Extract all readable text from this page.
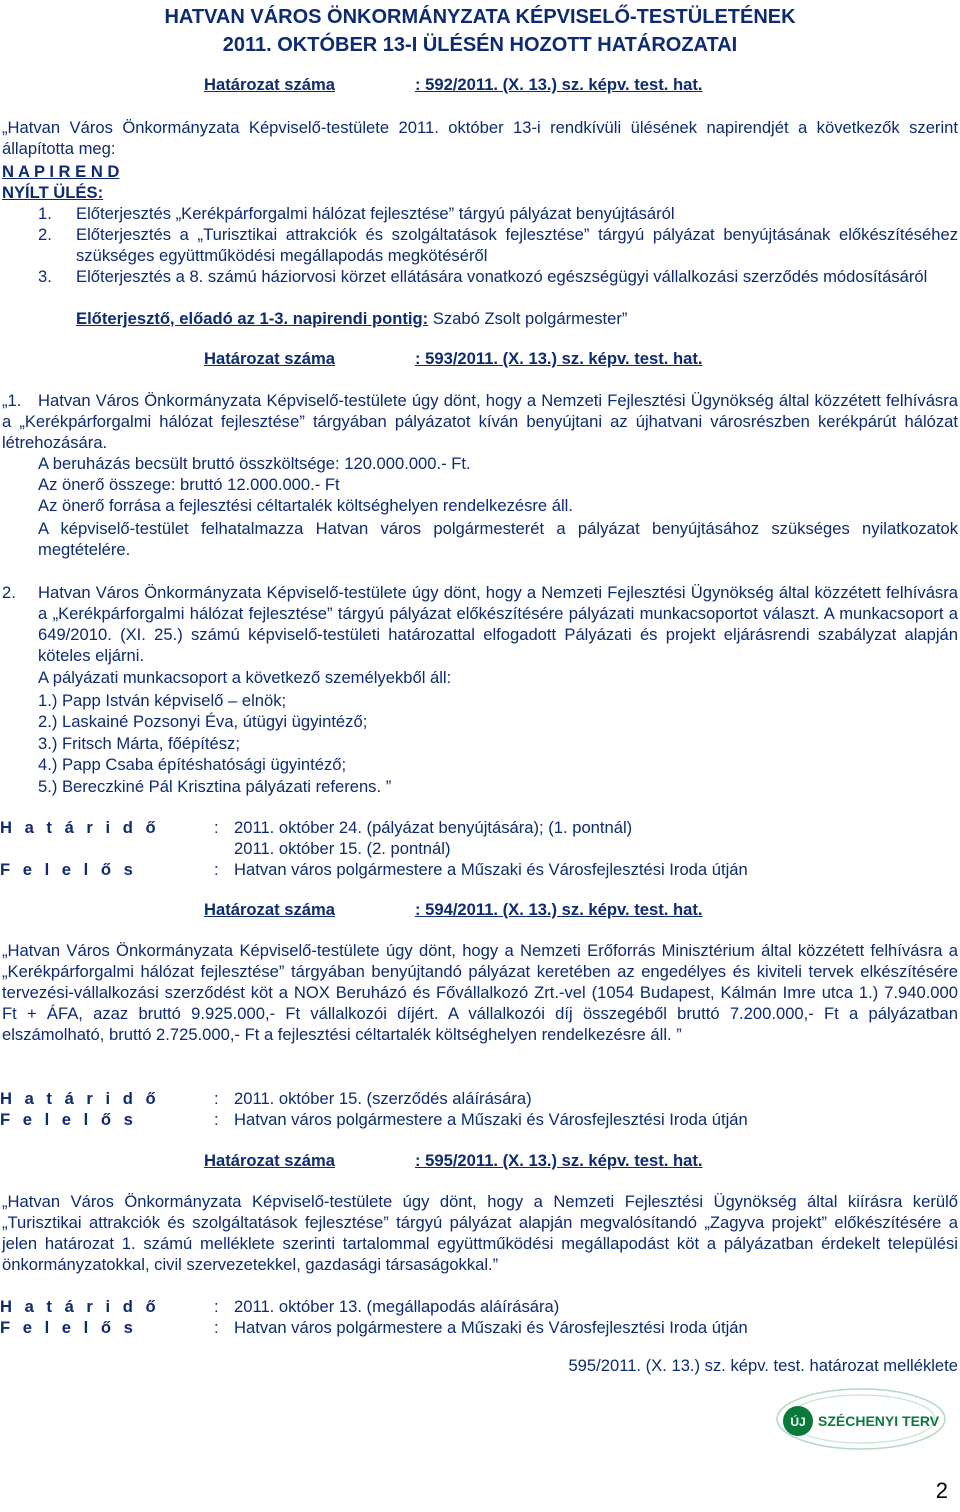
HATVAN VÁROS ÖNKORMÁNYZATA KÉPVISELŐ-TESTÜLETÉNEK
2011. OKTÓBER 13-I ÜLÉSÉN HOZOTT HATÁROZATAI
Határozat száma	: 592/2011. (X. 13.) sz. képv. test. hat.
„Hatvan Város Önkormányzata Képviselő-testülete 2011. október 13-i rendkívüli ülésének napirendjét a következők szerint állapította meg:
N A P I R E N D
NYÍLT ÜLÉS:
1. Előterjesztés „Kerékpárforgalmi hálózat fejlesztése” tárgyú pályázat benyújtásáról
2. Előterjesztés a „Turisztikai attrakciók és szolgáltatások fejlesztése” tárgyú pályázat benyújtásának előkészítéséhez szükséges együttműködési megállapodás megkötéséről
3. Előterjesztés a 8. számú háziorvosi körzet ellátására vonatkozó egészségügyi vállalkozási szerződés módosításáról
Előterjesztő, előadó az 1-3. napirendi pontig: Szabó Zsolt polgármester”
Határozat száma	: 593/2011. (X. 13.) sz. képv. test. hat.
„1.	Hatvan Város Önkormányzata Képviselő-testülete úgy dönt, hogy a Nemzeti Fejlesztési Ügynökség által közzétett felhívásra a „Kerékpárforgalmi hálózat fejlesztése” tárgyában pályázatot kíván benyújtani az újhatvani városrészben kerékpárút hálózat létrehozására.
A beruházás becsült bruttó összköltsége: 120.000.000.- Ft.
Az önerő összege: bruttó 12.000.000.- Ft
Az önerő forrása a fejlesztési céltartalék költséghelyen rendelkezésre áll.
A képviselő-testület felhatalmazza Hatvan város polgármesterét a pályázat benyújtásához szükséges nyilatkozatok megtételére.
2. Hatvan Város Önkormányzata Képviselő-testülete úgy dönt, hogy a Nemzeti Fejlesztési Ügynökség által közzétett felhívásra a „Kerékpárforgalmi hálózat fejlesztése” tárgyú pályázat előkészítésére pályázati munkacsoportot választ. A munkacsoport a 649/2010. (XI. 25.) számú képviselő-testületi határozattal elfogadott Pályázati és projekt eljárásrendi szabályzat alapján köteles eljárni.
A pályázati munkacsoport a következő személyekből áll:
1.) Papp István képviselő – elnök;
2.) Laskainé Pozsonyi Éva, útügyi ügyintéző;
3.) Fritsch Márta, főépítész;
4.) Papp Csaba építéshatósági ügyintéző;
5.) Bereczkiné Pál Krisztina pályázati referens. ”
H a t á r i d ő	: 2011. október 24. (pályázat benyújtására); (1. pontnál)
2011. október 15. (2. pontnál)
F e l e l ő s	: Hatvan város polgármestere a Műszaki és Városfejlesztési Iroda útján
Határozat száma	: 594/2011. (X. 13.) sz. képv. test. hat.
„Hatvan Város Önkormányzata Képviselő-testülete úgy dönt, hogy a Nemzeti Erőforrás Minisztérium által közzétett felhívásra a „Kerékpárforgalmi hálózat fejlesztése” tárgyában benyújtandó pályázat keretében az engedélyes és kiviteli tervek elkészítésére tervezési-vállalkozási szerződést köt a NOX Beruházó és Fővállalkozó Zrt.-vel (1054 Budapest, Kálmán Imre utca 1.) 7.940.000 Ft + ÁFA, azaz bruttó 9.925.000,- Ft vállalkozói díjért. A vállalkozói díj összegéből bruttó 7.200.000,- Ft a pályázatban elszámolható, bruttó 2.725.000,- Ft a fejlesztési céltartalék költséghelyen rendelkezésre áll. ”
H a t á r i d ő	: 2011. október 15. (szerződés aláírására)
F e l e l ő s	: Hatvan város polgármestere a Műszaki és Városfejlesztési Iroda útján
Határozat száma	: 595/2011. (X. 13.) sz. képv. test. hat.
„Hatvan Város Önkormányzata Képviselő-testülete úgy dönt, hogy a Nemzeti Fejlesztési Ügynökség által kiírásra kerülő „Turisztikai attrakciók és szolgáltatások fejlesztése” tárgyú pályázat alapján megvalósítandó „Zagyva projekt” előkészítésére a jelen határozat 1. számú melléklete szerinti tartalommal együttműködési megállapodást köt a pályázatban érdekelt települési önkormányzatokkal, civil szervezetekkel, gazdasági társaságokkal.”
H a t á r i d ő	: 2011. október 13. (megállapodás aláírására)
F e l e l ő s	: Hatvan város polgármestere a Műszaki és Városfejlesztési Iroda útján
595/2011. (X. 13.) sz. képv. test. határozat melléklete
ÚJ SZÉCHENYI TERV
2
